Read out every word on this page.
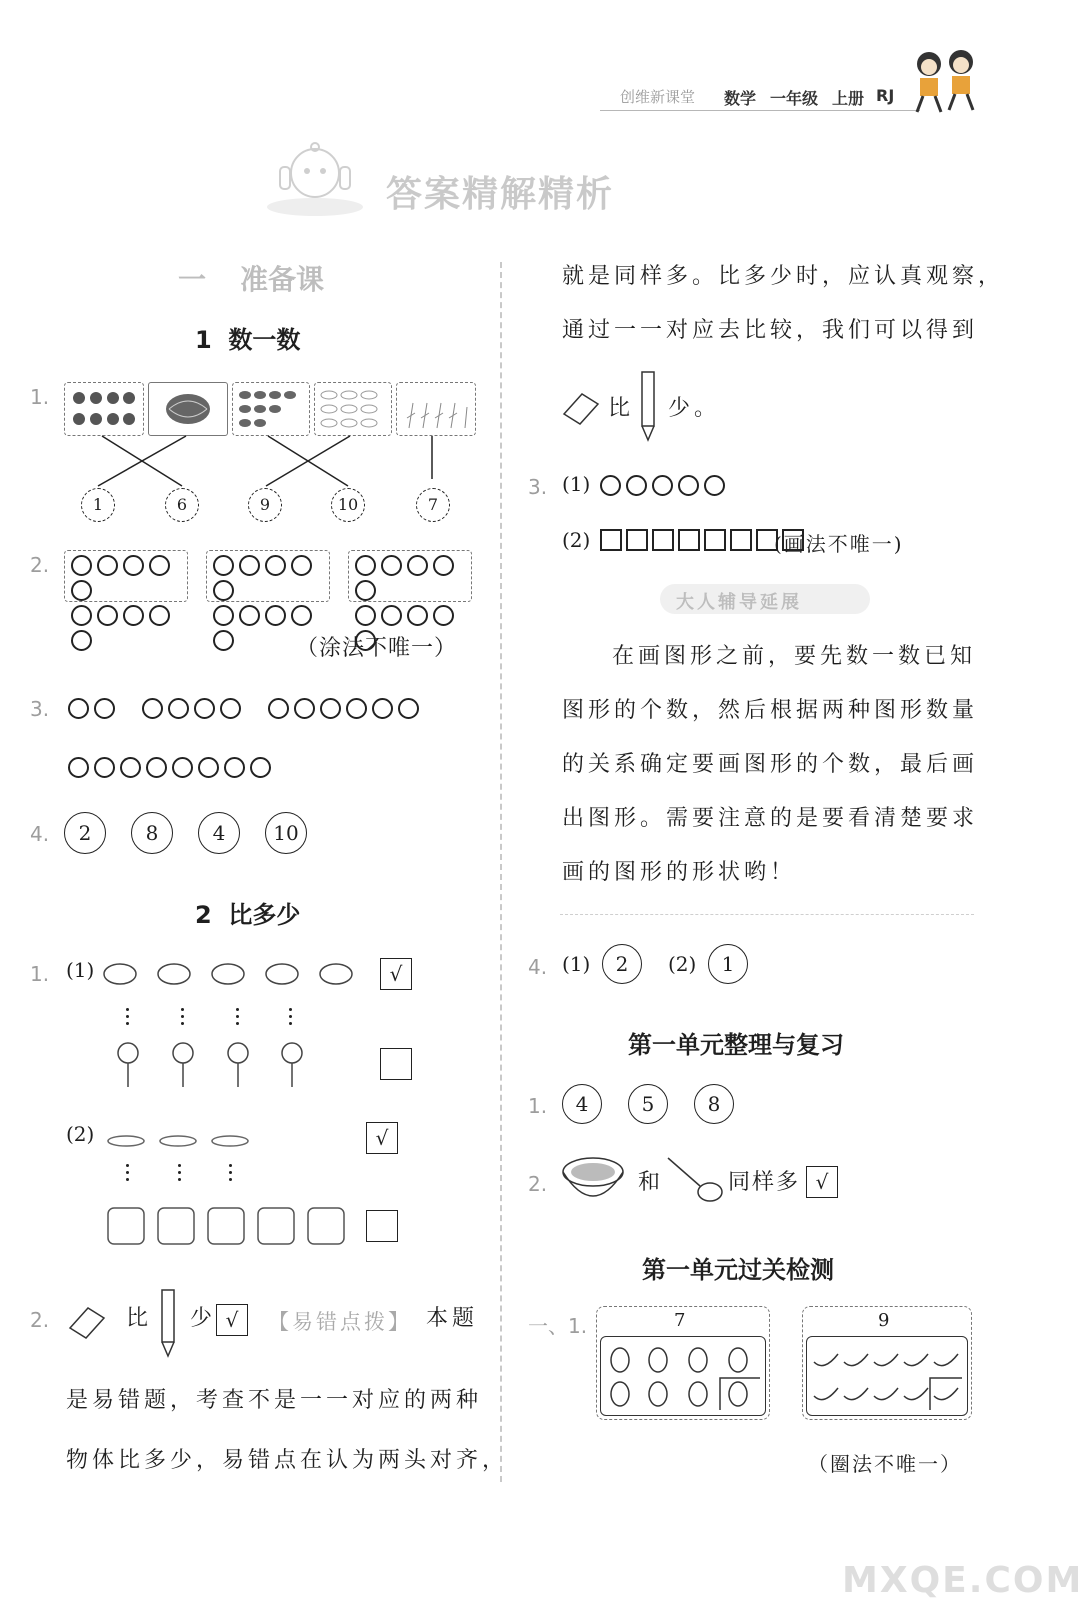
创维新课堂 数学 一年级 上册 RJ
答案精解精析
一 准备课
1  数一数
1.
1	6	9	10	7
2.

（涂法不唯一）
3.
4.	2	8	4	10
2  比多少
1. (1)	√
(2)	√
2.	比 少 √	【易错点拨】 本题
是易错题，考查不是一一对应的两种
物体比多少，易错点在认为两头对齐，
就是同样多。比多少时，应认真观察，
通过一一对应去比较，我们可以得到
比 少。
3. (1)
(2)	(画法不唯一)
大人辅导延展
在画图形之前，要先数一数已知
图形的个数，然后根据两种图形数量
的关系确定要画图形的个数，最后画
出图形。需要注意的是要看清楚要求
画的图形的形状哟！
4. (1)	2	(2)	1
第一单元整理与复习
1.	4	5	8
2.	和	同样多 √
第一单元过关检测
一、1.	7	9
（圈法不唯一）
MXQE.COM
